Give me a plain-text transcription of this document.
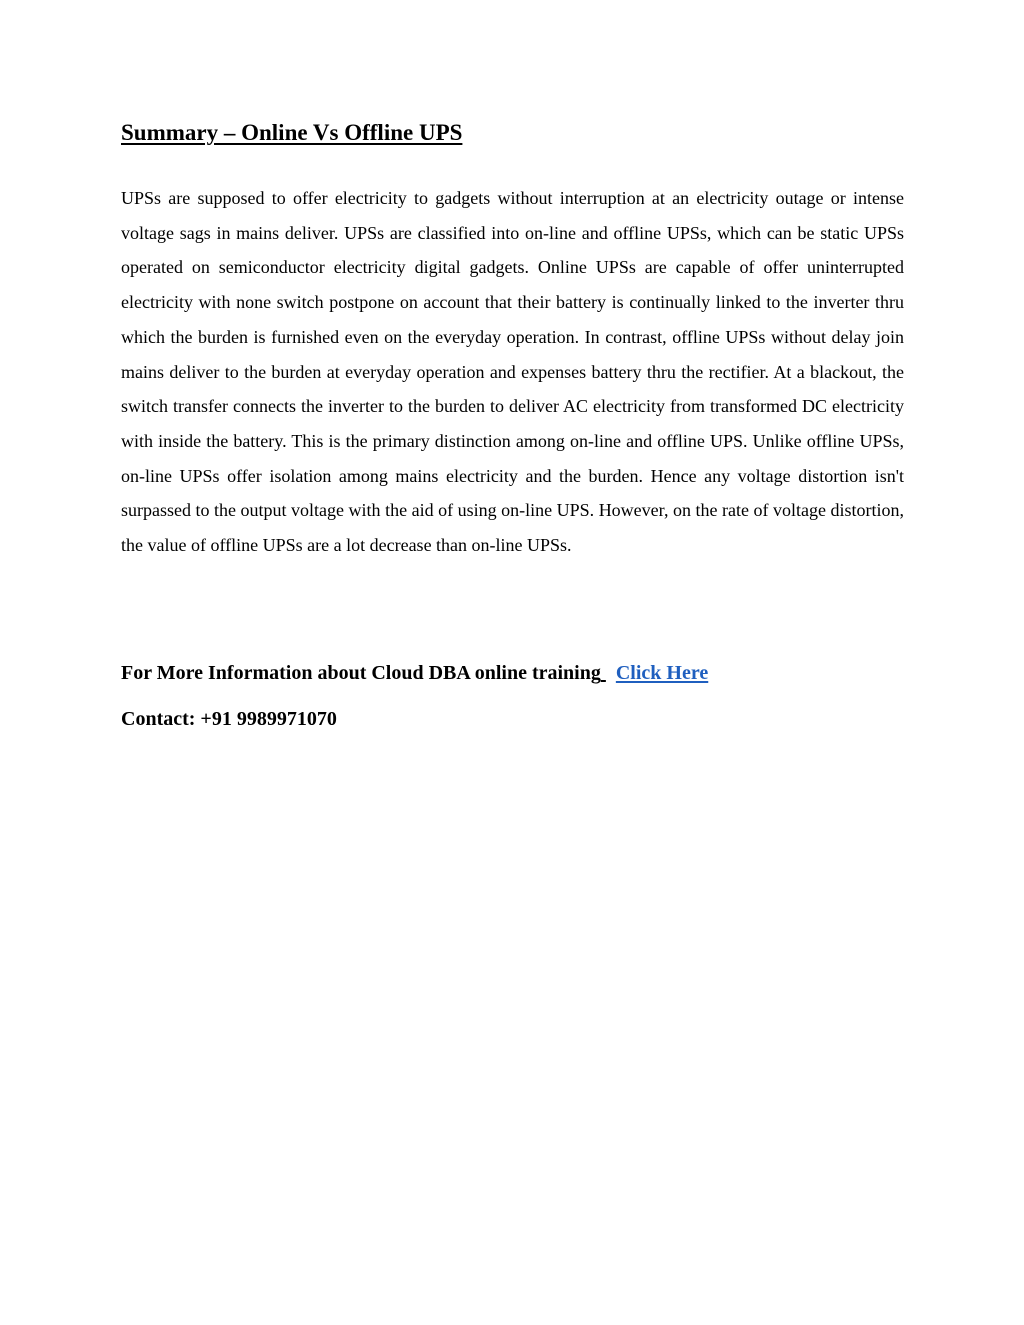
Summary – Online Vs Offline UPS

UPSs are supposed to offer electricity to gadgets without interruption at an electricity outage or intense voltage sags in mains deliver. UPSs are classified into on-line and offline UPSs, which can be static UPSs operated on semiconductor electricity digital gadgets. Online UPSs are capable of offer uninterrupted electricity with none switch postpone on account that their battery is continually linked to the inverter thru which the burden is furnished even on the everyday operation. In contrast, offline UPSs without delay join mains deliver to the burden at everyday operation and expenses battery thru the rectifier. At a blackout, the switch transfer connects the inverter to the burden to deliver AC electricity from transformed DC electricity with inside the battery. This is the primary distinction among on-line and offline UPS. Unlike offline UPSs, on-line UPSs offer isolation among mains electricity and the burden. Hence any voltage distortion isn't surpassed to the output voltage with the aid of using on-line UPS. However, on the rate of voltage distortion, the value of offline UPSs are a lot decrease than on-line UPSs.

For More Information about Cloud DBA online training Click Here

Contact: +91 9989971070
